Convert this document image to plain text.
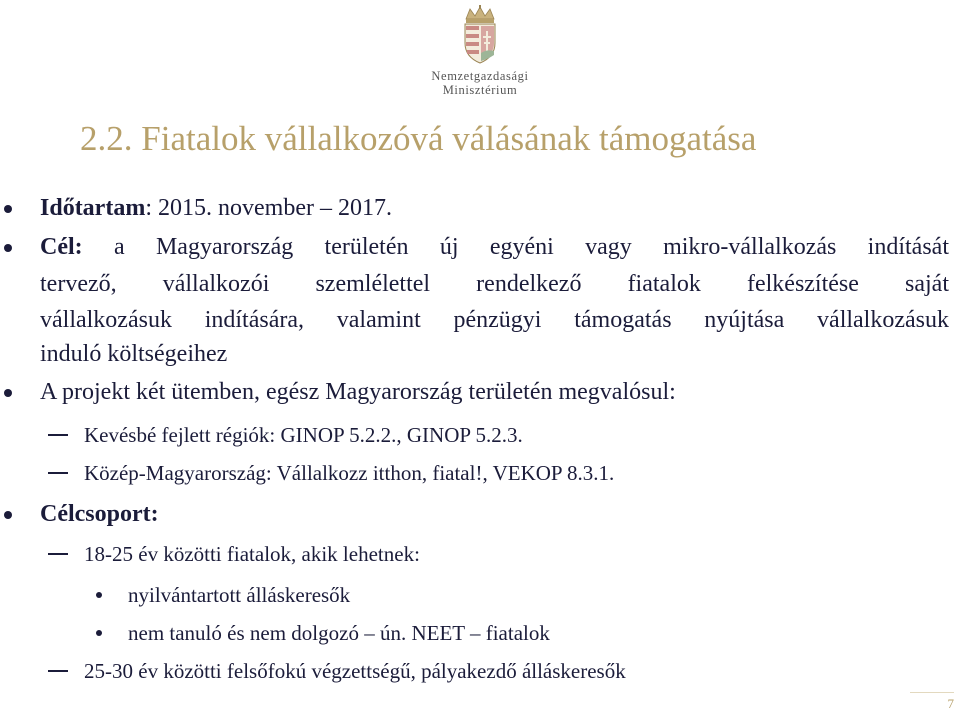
Nemzetgazdasági
Minisztérium
2.2. Fiatalok vállalkozóvá válásának támogatása
Időtartam: 2015. november – 2017.
Cél: a Magyarország területén új egyéni vagy mikro-vállalkozás indítását
tervező, vállalkozói szemlélettel rendelkező fiatalok felkészítése saját
vállalkozásuk indítására, valamint pénzügyi támogatás nyújtása vállalkozásuk
induló költségeihez
A projekt két ütemben, egész Magyarország területén megvalósul:
Kevésbé fejlett régiók: GINOP 5.2.2., GINOP 5.2.3.
Közép-Magyarország: Vállalkozz itthon, fiatal!, VEKOP 8.3.1.
Célcsoport:
18-25 év közötti fiatalok, akik lehetnek:
nyilvántartott álláskeresők
nem tanuló és nem dolgozó – ún. NEET – fiatalok
25-30 év közötti felsőfokú végzettségű, pályakezdő álláskeresők
7
